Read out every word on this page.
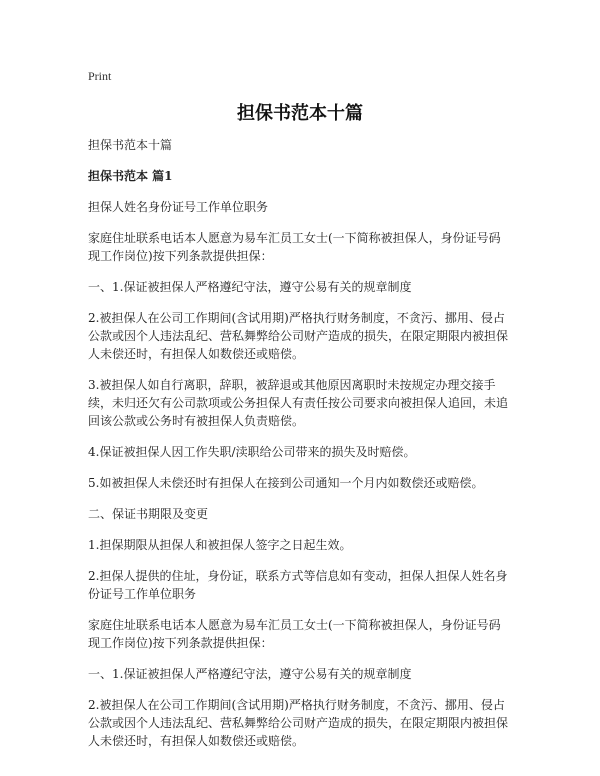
Print

担保书范本十篇

担保书范本十篇

担保书范本 篇1

担保人姓名身份证号工作单位职务

家庭住址联系电话本人愿意为易车汇员工女士(一下简称被担保人，身份证号码现工作岗位)按下列条款提供担保：

一、1.保证被担保人严格遵纪守法，遵守公易有关的规章制度

2.被担保人在公司工作期间(含试用期)严格执行财务制度，不贪污、挪用、侵占公款或因个人违法乱纪、营私舞弊给公司财产造成的损失，在限定期限内被担保人未偿还时，有担保人如数偿还或赔偿。

3.被担保人如自行离职，辞职，被辞退或其他原因离职时未按规定办理交接手续，未归还欠有公司款项或公务担保人有责任按公司要求向被担保人追回，未追回该公款或公务时有被担保人负责赔偿。

4.保证被担保人因工作失职/渎职给公司带来的损失及时赔偿。

5.如被担保人未偿还时有担保人在接到公司通知一个月内如数偿还或赔偿。

二、保证书期限及变更

1.担保期限从担保人和被担保人签字之日起生效。

2.担保人提供的住址，身份证，联系方式等信息如有变动，担保人担保人姓名身份证号工作单位职务

家庭住址联系电话本人愿意为易车汇员工女士(一下简称被担保人，身份证号码现工作岗位)按下列条款提供担保：

一、1.保证被担保人严格遵纪守法，遵守公易有关的规章制度

2.被担保人在公司工作期间(含试用期)严格执行财务制度，不贪污、挪用、侵占公款或因个人违法乱纪、营私舞弊给公司财产造成的损失，在限定期限内被担保人未偿还时，有担保人如数偿还或赔偿。
